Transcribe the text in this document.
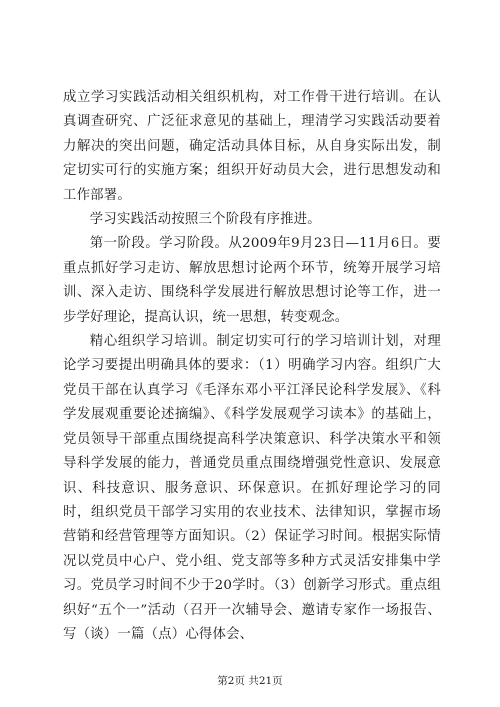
成立学习实践活动相关组织机构，对工作骨干进行培训。在认真调查研究、广泛征求意见的基础上，理清学习实践活动要着力解决的突出问题，确定活动具体目标，从自身实际出发，制定切实可行的实施方案；组织开好动员大会，进行思想发动和工作部署。

学习实践活动按照三个阶段有序推进。

第一阶段。学习阶段。从2009年9月23日—11月6日。要重点抓好学习走访、解放思想讨论两个环节，统筹开展学习培训、深入走访、围绕科学发展进行解放思想讨论等工作，进一步学好理论，提高认识，统一思想，转变观念。

精心组织学习培训。制定切实可行的学习培训计划，对理论学习要提出明确具体的要求：（1）明确学习内容。组织广大党员干部在认真学习《毛泽东邓小平江泽民论科学发展》、《科学发展观重要论述摘编》、《科学发展观学习读本》的基础上，党员领导干部重点围绕提高科学决策意识、科学决策水平和领导科学发展的能力，普通党员重点围绕增强党性意识、发展意识、科技意识、服务意识、环保意识。在抓好理论学习的同时，组织党员干部学习实用的农业技术、法律知识，掌握市场营销和经营管理等方面知识。（2）保证学习时间。根据实际情况以党员中心户、党小组、党支部等多种方式灵活安排集中学习。党员学习时间不少于20学时。（3）创新学习形式。重点组织好“五个一”活动（召开一次辅导会、邀请专家作一场报告、写（谈）一篇（点）心得体会、

第2页 共21页
